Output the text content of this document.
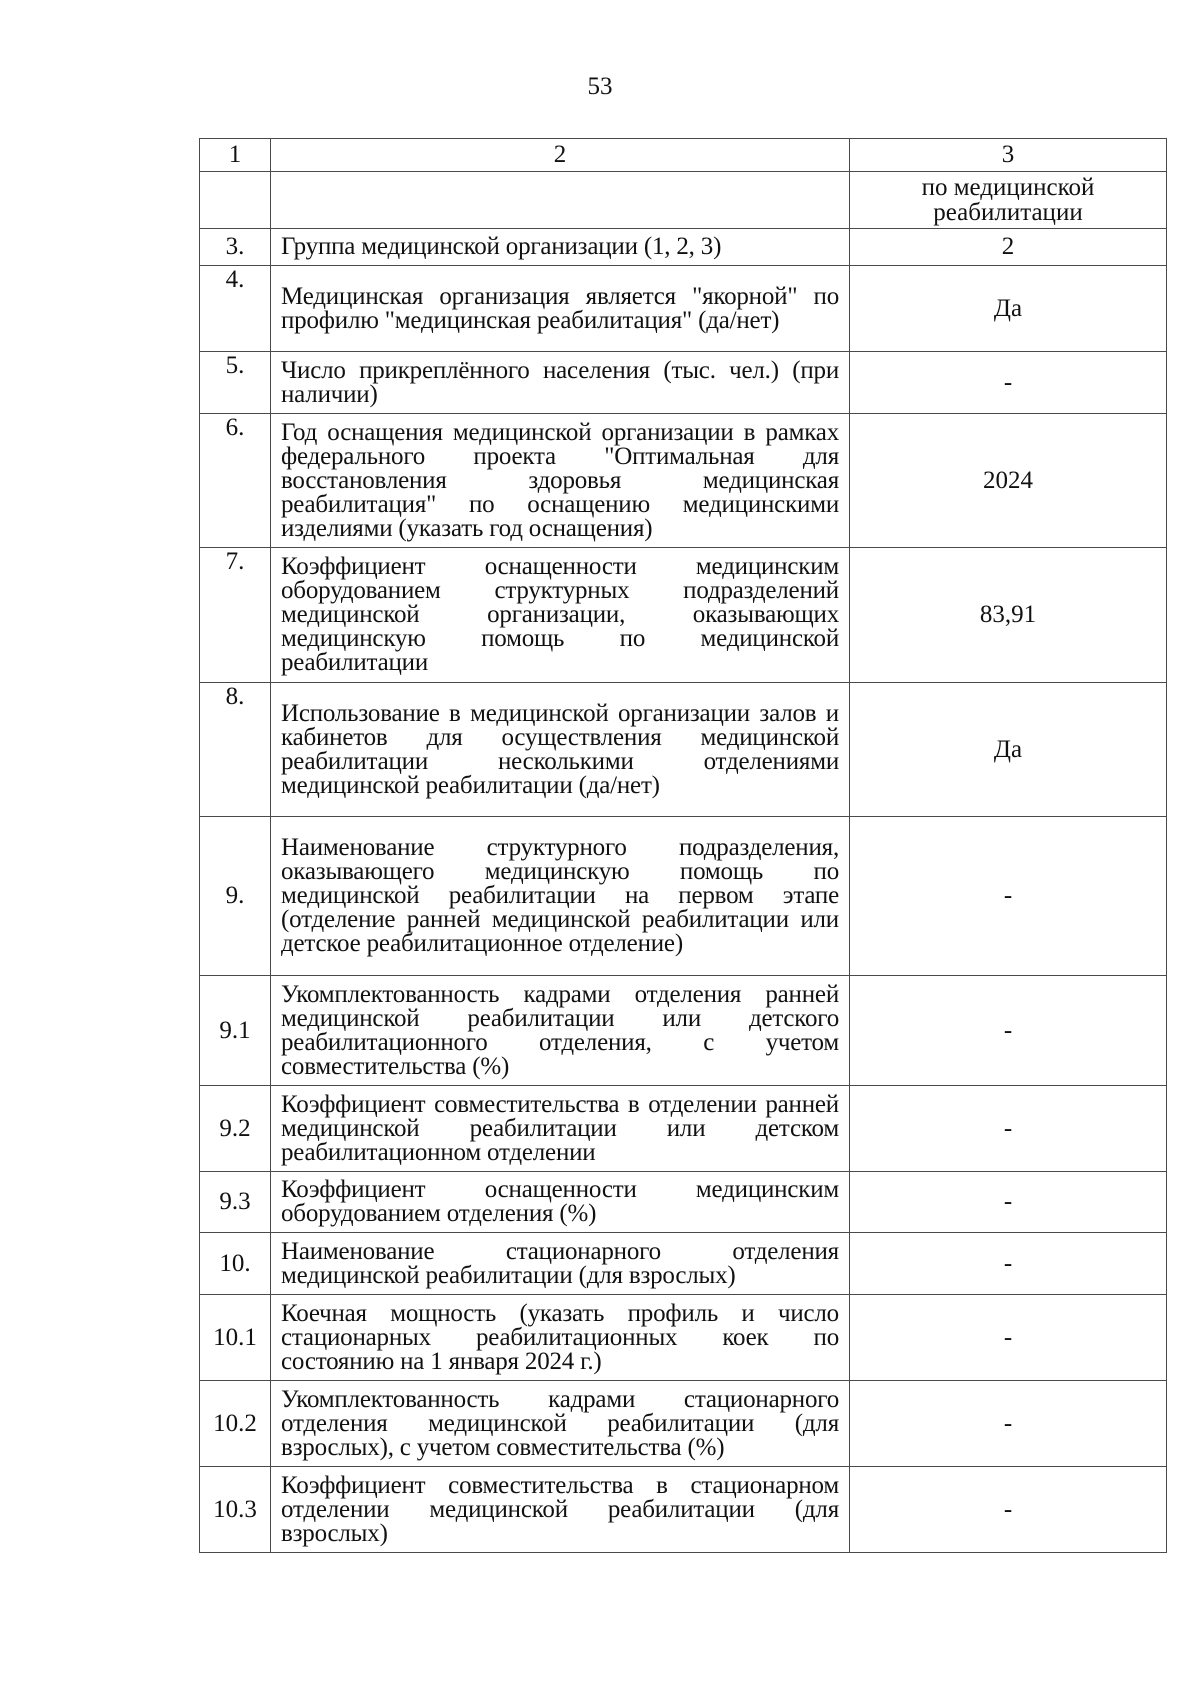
53
1	2	3
		по медицинской реабилитации
3.	Группа медицинской организации (1, 2, 3)	2
4.	Медицинская организация является "якорной" по профилю "медицинская реабилитация" (да/нет)	Да
5.	Число прикреплённого населения (тыс. чел.) (при наличии)	-
6.	Год оснащения медицинской организации в рамках федерального проекта "Оптимальная для восстановления здоровья медицинская реабилитация" по оснащению медицинскими изделиями (указать год оснащения)	2024
7.	Коэффициент оснащенности медицинским оборудованием структурных подразделений медицинской организации, оказывающих медицинскую помощь по медицинской реабилитации	83,91
8.	Использование в медицинской организации залов и кабинетов для осуществления медицинской реабилитации несколькими отделениями медицинской реабилитации (да/нет)	Да
9.	Наименование структурного подразделения, оказывающего медицинскую помощь по медицинской реабилитации на первом этапе (отделение ранней медицинской реабилитации или детское реабилитационное отделение)	-
9.1	Укомплектованность кадрами отделения ранней медицинской реабилитации или детского реабилитационного отделения, с учетом совместительства (%)	-
9.2	Коэффициент совместительства в отделении ранней медицинской реабилитации или детском реабилитационном отделении	-
9.3	Коэффициент оснащенности медицинским оборудованием отделения (%)	-
10.	Наименование стационарного отделения медицинской реабилитации (для взрослых)	-
10.1	Коечная мощность (указать профиль и число стационарных реабилитационных коек по состоянию на 1 января 2024 г.)	-
10.2	Укомплектованность кадрами стационарного отделения медицинской реабилитации (для взрослых), с учетом совместительства (%)	-
10.3	Коэффициент совместительства в стационарном отделении медицинской реабилитации (для взрослых)	-
